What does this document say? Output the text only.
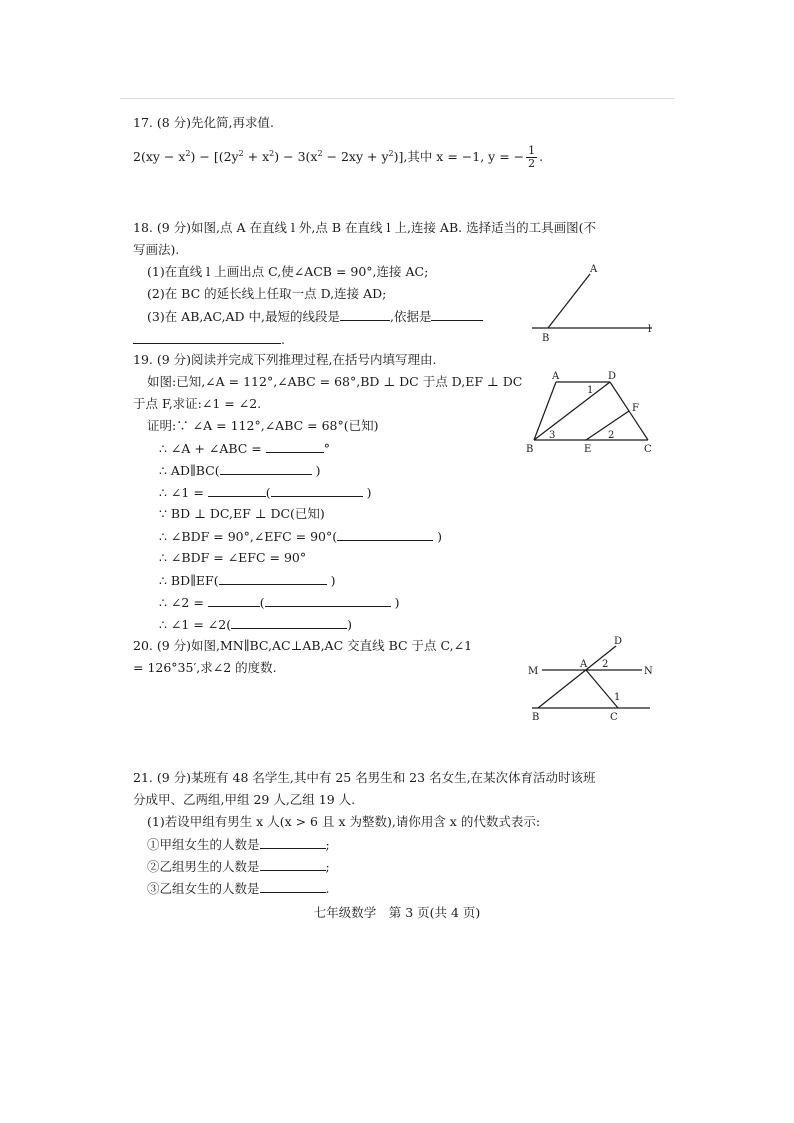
17. (8 分)先化简,再求值.
$2(xy - x^2) - [(2y^2 + x^2) - 3(x^2 - 2xy + y^2)]$,其中 x = −1, y = − $\frac{1}{2}$ .
18. (9 分)如图,点 A 在直线 l 外,点 B 在直线 l 上,连接 AB. 选择适当的工具画图(不
写画法).
(1)在直线 l 上画出点 C,使∠ACB = 90°,连接 AC;
(2)在 BC 的延长线上任取一点 D,连接 AD;
(3)在 AB,AC,AD 中,最短的线段是	,依据是
.
A
B
l
19. (9 分)阅读并完成下列推理过程,在括号内填写理由.
如图:已知,∠A = 112°,∠ABC = 68°,BD ⊥ DC 于点 D,EF ⊥ DC
于点 F,求证:∠1 = ∠2.
证明:∵ ∠A = 112°,∠ABC = 68°(已知)
∴ ∠A + ∠ABC =	°
∴ AD∥BC(	)
∴ ∠1 =	(	)
∵ BD ⊥ DC,EF ⊥ DC(已知)
∴ ∠BDF = 90°,∠EFC = 90°(	)
∴ ∠BDF = ∠EFC = 90°
∴ BD∥EF(	)
∴ ∠2 =	(	)
∴ ∠1 = ∠2(	)
A	D
B	E	C
F
1
2
3
20. (9 分)如图,MN∥BC,AC⊥AB,AC 交直线 BC 于点 C,∠1
= 126°35′,求∠2 的度数.
D
M
A
N
B	C
2
1
21. (9 分)某班有 48 名学生,其中有 25 名男生和 23 名女生,在某次体育活动时该班
分成甲、乙两组,甲组 29 人,乙组 19 人.
(1)若设甲组有男生 x 人(x > 6 且 x 为整数),请你用含 x 的代数式表示:
①甲组女生的人数是	;
②乙组男生的人数是	;
③乙组女生的人数是	.
七年级数学　第 3 页(共 4 页)
